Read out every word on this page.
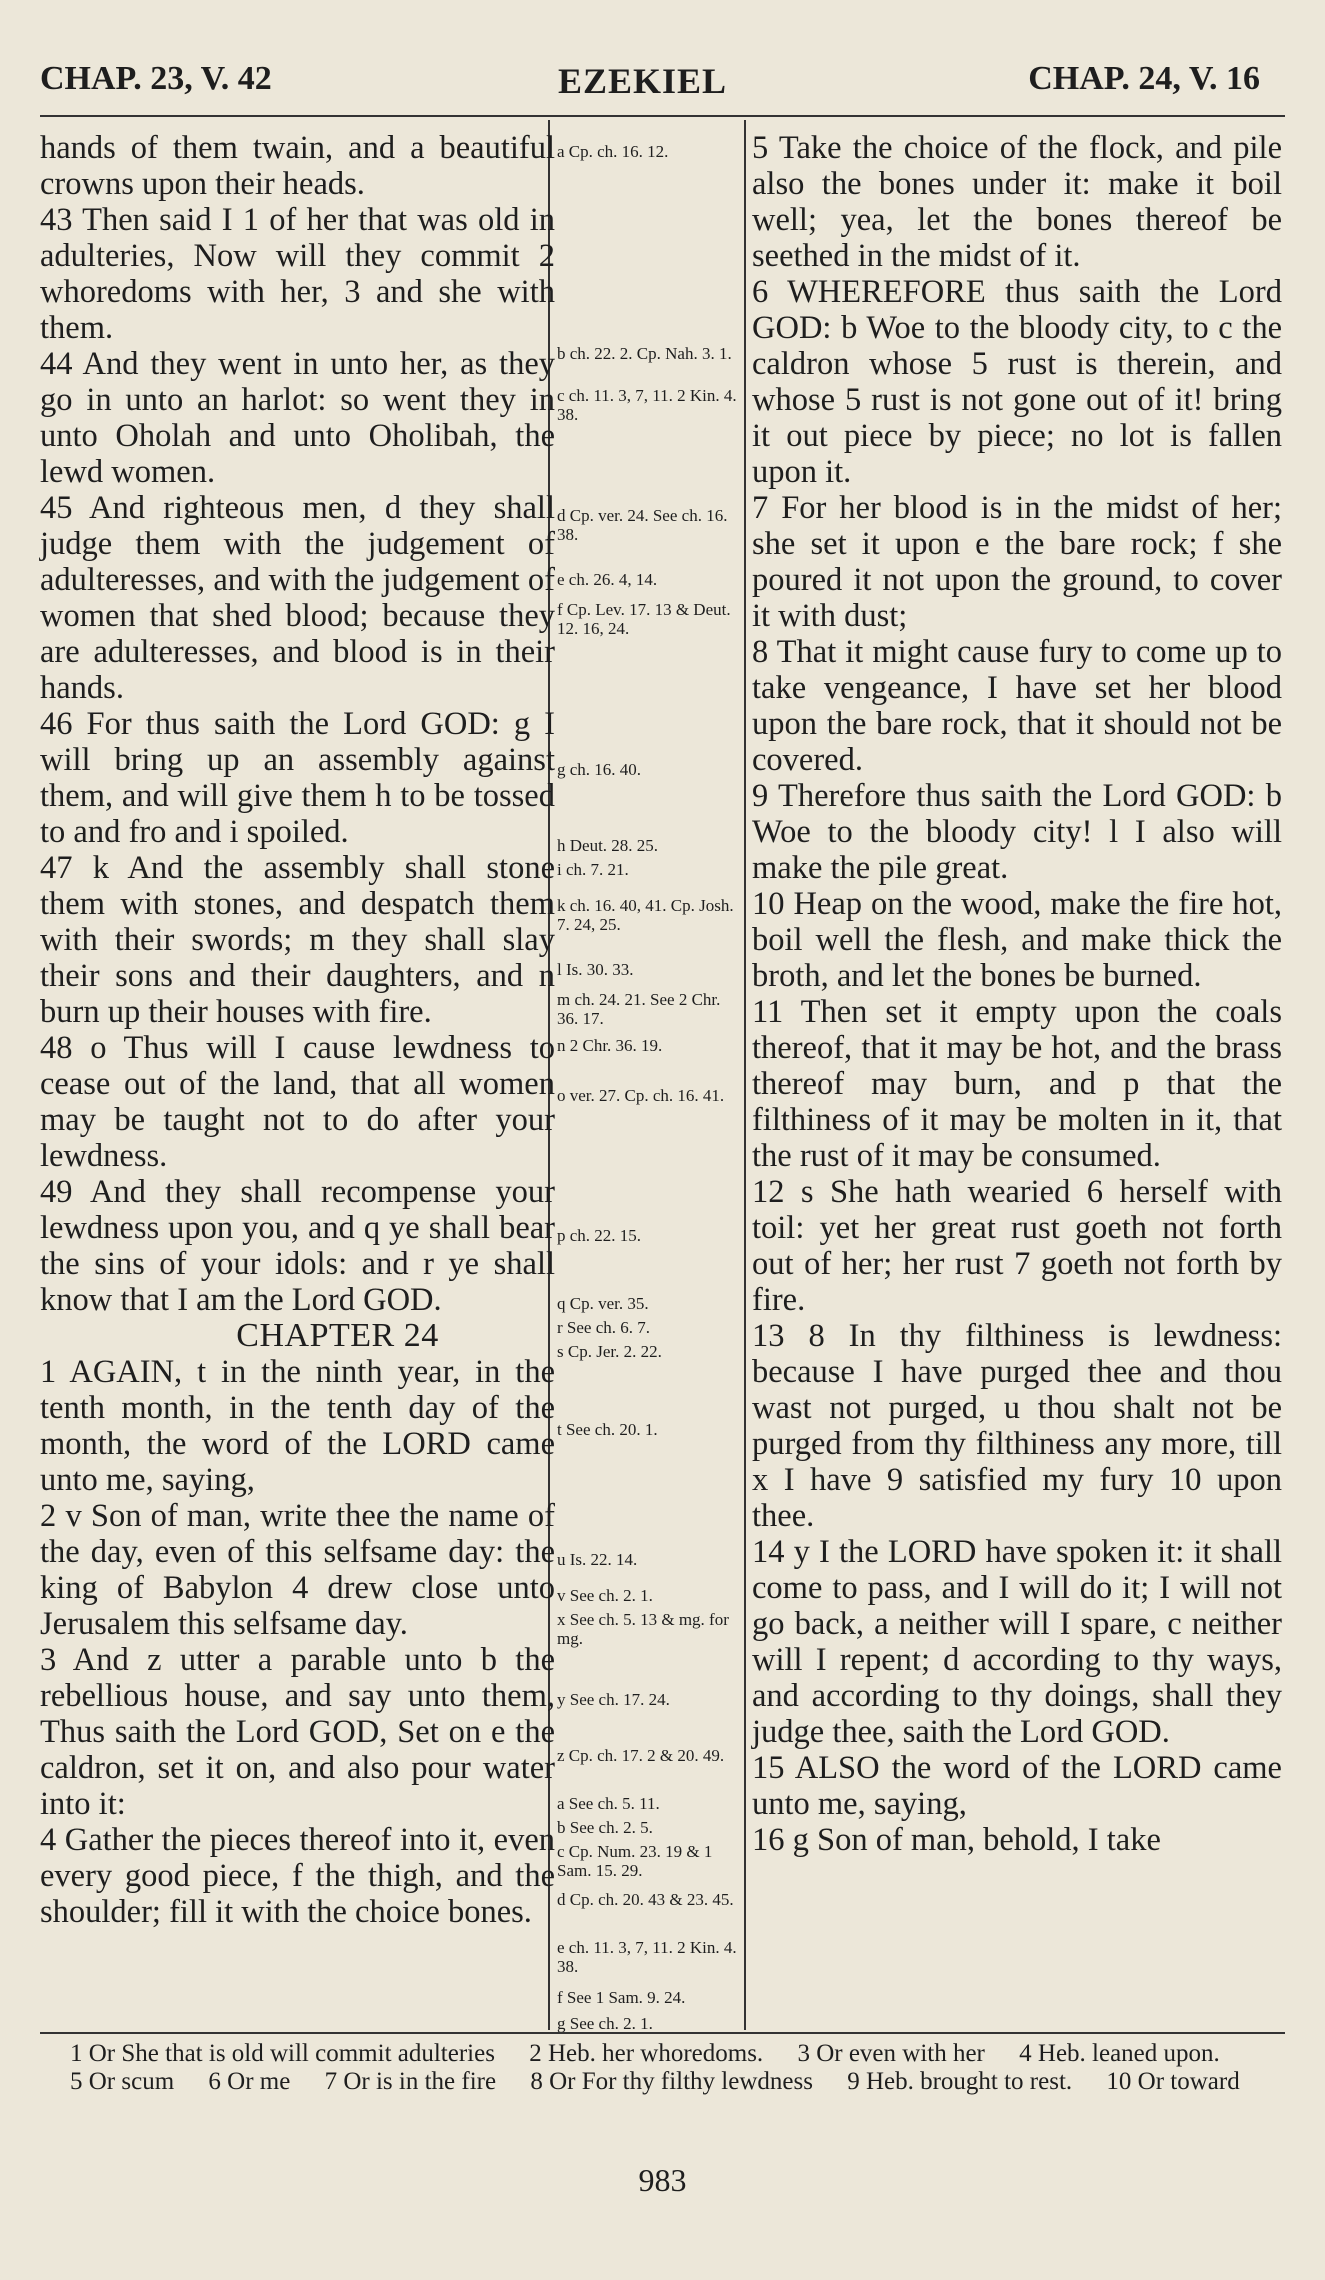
CHAP. 23, V. 42	EZEKIEL	CHAP. 24, V. 16

hands of them twain, and a beautiful crowns upon their heads.

43 Then said I 1 of her that was old in adulteries, Now will they commit 2 whoredoms with her, 3 and she with them.

44 And they went in unto her, as they go in unto an harlot: so went they in unto Oholah and unto Oholibah, the lewd women.

45 And righteous men, d they shall judge them with the judgement of adulteresses, and with the judgement of women that shed blood; because they are adulteresses, and blood is in their hands.

46 For thus saith the Lord GOD: g I will bring up an assembly against them, and will give them h to be tossed to and fro and i spoiled.

47 k And the assembly shall stone them with stones, and despatch them with their swords; m they shall slay their sons and their daughters, and n burn up their houses with fire.

48 o Thus will I cause lewdness to cease out of the land, that all women may be taught not to do after your lewdness.

49 And they shall recompense your lewdness upon you, and q ye shall bear the sins of your idols: and r ye shall know that I am the Lord GOD.

CHAPTER 24

1 AGAIN, t in the ninth year, in the tenth month, in the tenth day of the month, the word of the LORD came unto me, saying,

2 v Son of man, write thee the name of the day, even of this selfsame day: the king of Babylon 4 drew close unto Jerusalem this selfsame day.

3 And z utter a parable unto b the rebellious house, and say unto them, Thus saith the Lord GOD, Set on e the caldron, set it on, and also pour water into it:

4 Gather the pieces thereof into it, even every good piece, f the thigh, and the shoulder; fill it with the choice bones.

a Cp. ch. 16. 12.
b ch. 22. 2. Cp. Nah. 3. 1.
c ch. 11. 3, 7, 11. 2 Kin. 4. 38.
d Cp. ver. 24. See ch. 16. 38.
e ch. 26. 4, 14.
f Cp. Lev. 17. 13 & Deut. 12. 16, 24.
g ch. 16. 40.
h Deut. 28. 25.
i ch. 7. 21.
k ch. 16. 40, 41. Cp. Josh. 7. 24, 25.
l Is. 30. 33.
m ch. 24. 21. See 2 Chr. 36. 17.
n 2 Chr. 36. 19.
o ver. 27. Cp. ch. 16. 41.
p ch. 22. 15.
q Cp. ver. 35.
r See ch. 6. 7.
s Cp. Jer. 2. 22.
t See ch. 20. 1.
u Is. 22. 14.
v See ch. 2. 1.
x See ch. 5. 13 & mg. for mg.
y See ch. 17. 24.
z Cp. ch. 17. 2 & 20. 49.
a See ch. 5. 11.
b See ch. 2. 5.
c Cp. Num. 23. 19 & 1 Sam. 15. 29.
d Cp. ch. 20. 43 & 23. 45.
e ch. 11. 3, 7, 11. 2 Kin. 4. 38.
f See 1 Sam. 9. 24.
g See ch. 2. 1.

5 Take the choice of the flock, and pile also the bones under it: make it boil well; yea, let the bones thereof be seethed in the midst of it.

6 WHEREFORE thus saith the Lord GOD: b Woe to the bloody city, to c the caldron whose 5 rust is therein, and whose 5 rust is not gone out of it! bring it out piece by piece; no lot is fallen upon it.

7 For her blood is in the midst of her; she set it upon e the bare rock; f she poured it not upon the ground, to cover it with dust;

8 That it might cause fury to come up to take vengeance, I have set her blood upon the bare rock, that it should not be covered.

9 Therefore thus saith the Lord GOD: b Woe to the bloody city! l I also will make the pile great.

10 Heap on the wood, make the fire hot, boil well the flesh, and make thick the broth, and let the bones be burned.

11 Then set it empty upon the coals thereof, that it may be hot, and the brass thereof may burn, and p that the filthiness of it may be molten in it, that the rust of it may be consumed.

12 s She hath wearied 6 herself with toil: yet her great rust goeth not forth out of her; her rust 7 goeth not forth by fire.

13 8 In thy filthiness is lewdness: because I have purged thee and thou wast not purged, u thou shalt not be purged from thy filthiness any more, till x I have 9 satisfied my fury 10 upon thee.

14 y I the LORD have spoken it: it shall come to pass, and I will do it; I will not go back, a neither will I spare, c neither will I repent; d according to thy ways, and according to thy doings, shall they judge thee, saith the Lord GOD.

15 ALSO the word of the LORD came unto me, saying,

16 g Son of man, behold, I take

1 Or She that is old will commit adulteries 2 Heb. her whoredoms. 3 Or even with her 4 Heb. leaned upon. 5 Or scum 6 Or me 7 Or is in the fire 8 Or For thy filthy lewdness 9 Heb. brought to rest. 10 Or toward
983
